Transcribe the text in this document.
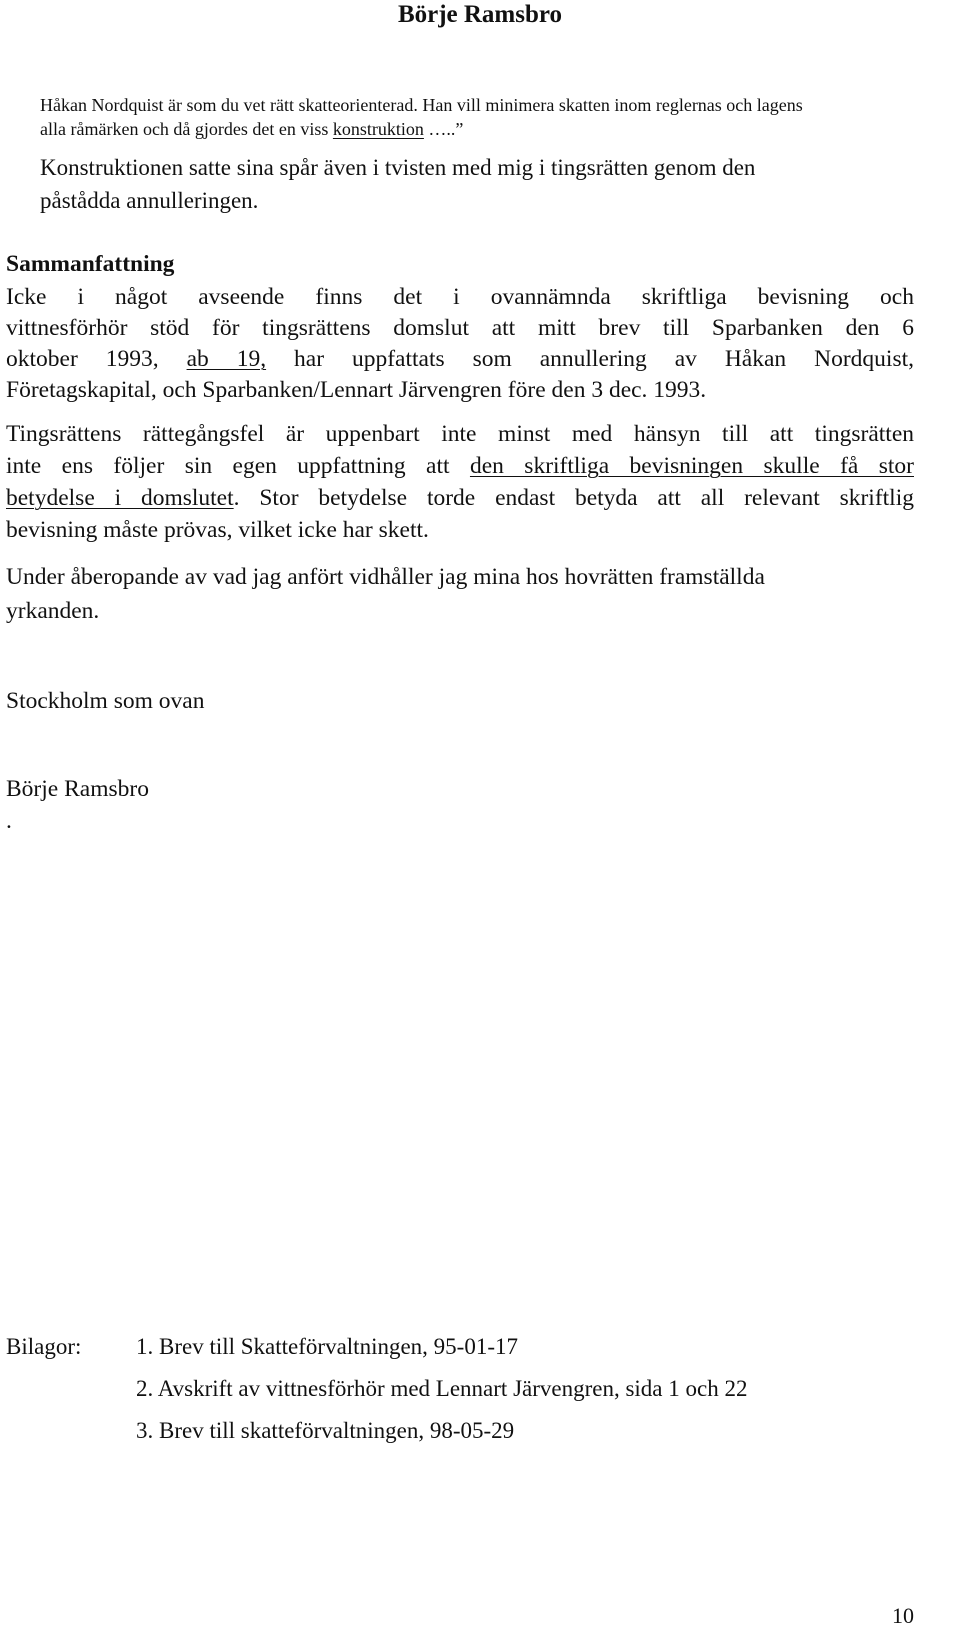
Börje Ramsbro
Håkan Nordquist är som du vet rätt skatteorienterad. Han vill minimera skatten inom reglernas och lagens
alla råmärken och då gjordes det en viss konstruktion …..”
Konstruktionen satte sina spår även i tvisten med mig i tingsrätten genom den
påstådda annulleringen.
Sammanfattning
Icke i något avseende finns det i ovannämnda skriftliga bevisning och
vittnesförhör stöd för tingsrättens domslut att mitt brev till Sparbanken den 6
oktober 1993, ab 19, har uppfattats som annullering av Håkan Nordquist,
Företagskapital, och Sparbanken/Lennart Järvengren före den 3 dec. 1993.
Tingsrättens rättegångsfel är uppenbart inte minst med hänsyn till att tingsrätten
inte ens följer sin egen uppfattning att den skriftliga bevisningen skulle få stor
betydelse i domslutet. Stor betydelse torde endast betyda att all relevant skriftlig
bevisning måste prövas, vilket icke har skett.
Under åberopande av vad jag anfört vidhåller jag mina hos hovrätten framställda
yrkanden.
Stockholm som ovan
Börje Ramsbro
.
Bilagor: 1. Brev till Skatteförvaltningen, 95-01-17
2. Avskrift av vittnesförhör med Lennart Järvengren, sida 1 och 22
3. Brev till skatteförvaltningen, 98-05-29
10
